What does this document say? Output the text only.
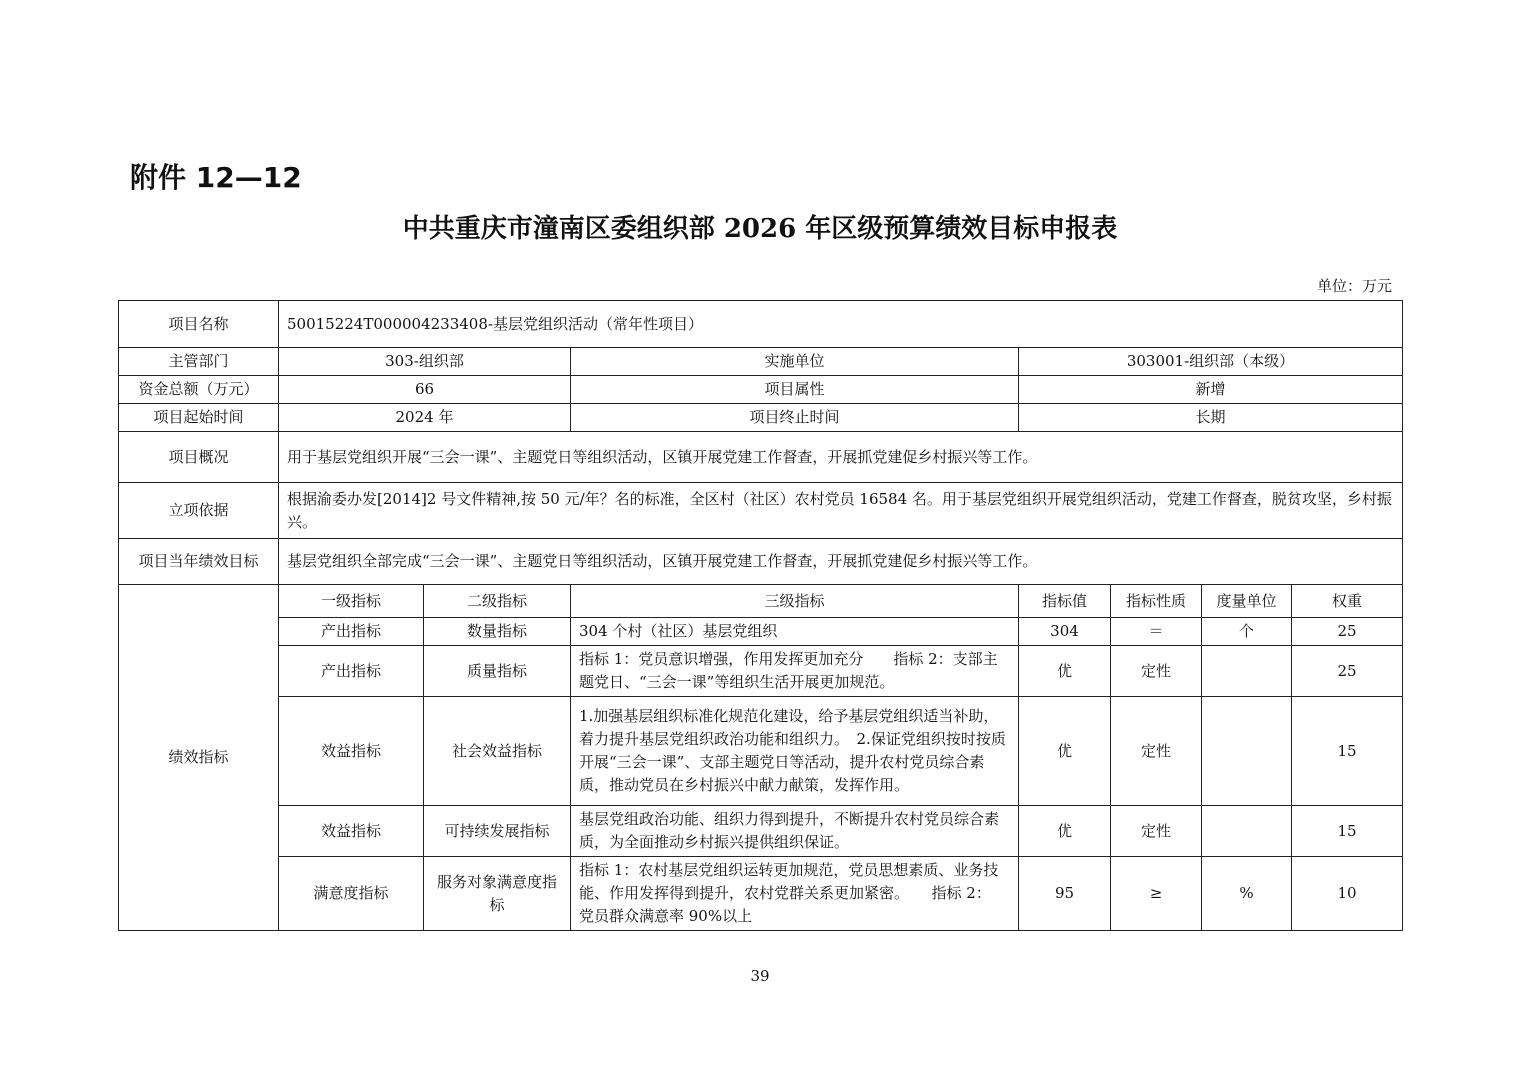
附件 12—12
中共重庆市潼南区委组织部 2026 年区级预算绩效目标申报表
单位：万元
项目名称	50015224T000004233408-基层党组织活动（常年性项目）						
主管部门	303-组织部		实施单位	303001-组织部（本级）			
资金总额（万元）	66		项目属性	新增			
项目起始时间	2024 年		项目终止时间	长期			
项目概况	用于基层党组织开展“三会一课”、主题党日等组织活动，区镇开展党建工作督查，开展抓党建促乡村振兴等工作。						
立项依据	根据渝委办发[2014]2 号文件精神,按 50 元/年？名的标准，全区村（社区）农村党员 16584 名。用于基层党组织开展党组织活动，党建工作督查，脱贫攻坚，乡村振兴。						
项目当年绩效目标	基层党组织全部完成“三会一课”、主题党日等组织活动，区镇开展党建工作督查，开展抓党建促乡村振兴等工作。						
绩效指标	一级指标	二级指标	三级指标	指标值	指标性质	度量单位	权重
	产出指标	数量指标	304 个村（社区）基层党组织	304	＝	个	25
	产出指标	质量指标	指标 1：党员意识增强，作用发挥更加充分　　指标 2：支部主题党日、“三会一课”等组织生活开展更加规范。	优	定性		25
	效益指标	社会效益指标	1.加强基层组织标准化规范化建设，给予基层党组织适当补助，着力提升基层党组织政治功能和组织力。　2.保证党组织按时按质开展“三会一课”、支部主题党日等活动，提升农村党员综合素质，推动党员在乡村振兴中献力献策，发挥作用。	优	定性		15
	效益指标	可持续发展指标	基层党组政治功能、组织力得到提升，不断提升农村党员综合素质，为全面推动乡村振兴提供组织保证。	优	定性		15
	满意度指标	服务对象满意度指标	指标 1：农村基层党组织运转更加规范，党员思想素质、业务技能、作用发挥得到提升，农村党群关系更加紧密。　　指标 2：　党员群众满意率 90%以上	95	≥	%	10
39
